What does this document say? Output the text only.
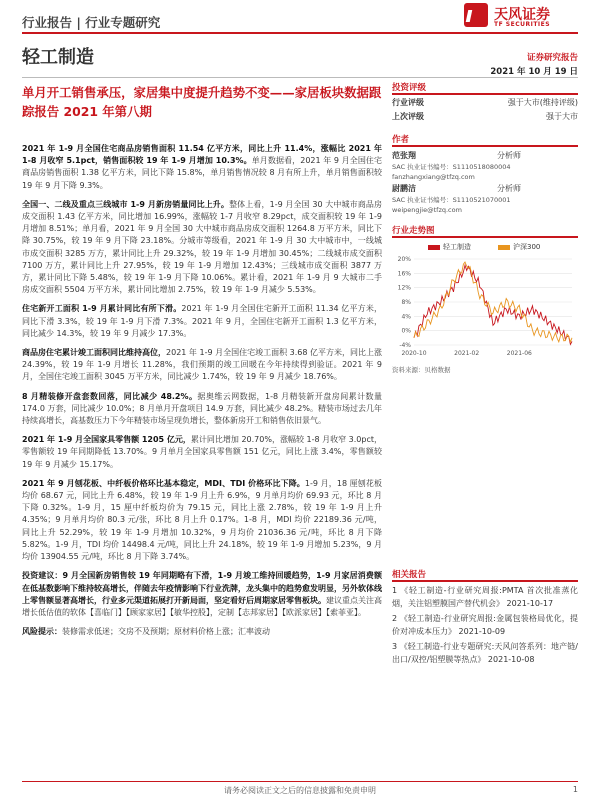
行业报告 | 行业专题研究	天风证券
TF SECURITIES
轻工制造	证券研究报告
2021 年 10 月 19 日
单月开工销售承压，家居集中度提升趋势不变——家居板块数据跟踪报告 2021 年第八期

2021 年 1-9 月全国住宅商品房销售面积 11.54 亿平方米，同比上升 11.4%，涨幅比 2021 年 1-8 月收窄 5.1pct，销售面积较 19 年 1-9 月增加 10.3%。单月数据看，2021 年 9 月全国住宅商品房销售面积 1.38 亿平方米，同比下降 15.8%，单月销售情况较 8 月有所上升，单月销售面积较 19 年 9 月下降 9.3%。

全国一、二线及重点三线城市 1-9 月新房销量同比上升。整体上看，1-9 月全国 30 大中城市商品房成交面积 1.43 亿平方米，同比增加 16.99%，涨幅较 1-7 月收窄 8.29pct，成交面积较 19 年 1-9 月增加 8.51%；单月看，2021 年 9 月全国 30 大中城市商品房成交面积 1264.8 万平方米，同比下降 30.75%，较 19 年 9 月下降 23.18%。分城市等级看，2021 年 1-9 月 30 大中城市中，一线城市成交面积 3285 万方，累计同比上升 29.32%，较 19 年 1-9 月增加 30.45%；二线城市成交面积 7100 万方，累计同比上升 27.95%，较 19 年 1-9 月增加 12.43%；三线城市成交面积 3877 万方，累计同比下降 5.48%，较 19 年 1-9 月下降 10.06%。累计看，2021 年 1-9 月 9 大城市二手房成交面积 5504 万平方米，累计同比增加 2.75%，较 19 年 1-9 月减少 5.53%。

住宅新开工面积 1-9 月累计同比有所下滑。2021 年 1-9 月全国住宅新开工面积 11.34 亿平方米，同比下滑 3.3%，较 19 年 1-9 月下滑 7.3%。2021 年 9 月，全国住宅新开工面积 1.3 亿平方米，同比减少 14.3%，较 19 年 9 月减少 17.3%。

商品房住宅累计竣工面积同比维持高位，2021 年 1-9 月全国住宅竣工面积 3.68 亿平方米，同比上涨 24.39%，较 19 年 1-9 月增长 11.28%，我们预期的竣工回暖在今年持续得到验证。2021 年 9 月，全国住宅竣工面积 3045 万平方米，同比减少 1.74%，较 19 年 9 月减少 18.76%。

8 月精装修开盘套数回落，同比减少 48.2%。据奥维云网数据，1-8 月精装新开盘房间累计数量 174.0 万套，同比减少 10.0%；8 月单月开盘项目 14.9 万套，同比减少 48.2%。精装市场过去几年持续高增长，高基数压力下今年精装市场呈现负增长，整体新房开工和销售依旧景气。

2021 年 1-9 月全国家具零售额 1205 亿元，累计同比增加 20.70%，涨幅较 1-8 月收窄 3.0pct，零售额较 19 年同期降低 13.70%。9 月单月全国家具零售额 151 亿元，同比上涨 3.4%，零售额较 19 年 9 月减少 15.17%。

2021 年 9 月刨花板、中纤板价格环比基本稳定，MDI、TDI 价格环比下降。1-9 月，18 厘刨花板均价 68.67 元，同比上升 6.48%，较 19 年 1-9 月上升 6.9%，9 月单月均价 69.93 元，环比 8 月下降 0.32%。1-9 月，15 厘中纤板均价为 79.15 元，同比上涨 2.78%，较 19 年 1-9 月上升 4.35%；9 月单月均价 80.3 元/张，环比 8 月上升 0.17%。1-8 月，MDI 均价 22189.36 元/吨，同比上升 52.29%，较 19 年 1-9 月增加 10.32%，9 月均价 21036.36 元/吨，环比 8 月下降 5.82%。1-9 月，TDI 均价 14498.4 元/吨，同比上升 24.18%，较 19 年 1-9 月增加 5.23%，9 月均价 13904.55 元/吨，环比 8 月下降 3.74%。

投资建议：9 月全国新房销售较 19 年同期略有下滑，1-9 月竣工维持回暖趋势，1-9 月家居消费额在低基数影响下维持较高增长，伴随去年疫情影响下行业洗牌，龙头集中的趋势愈发明显，另外软体线上零售额显著高增长，行业多元渠道拓展打开新局面，坚定看好后周期家居零售板块。建议重点关注高增长低估值的软体【喜临门】【顾家家居】【敏华控股】，定制【志邦家居】【欧派家居】【索菲亚】。

风险提示：装修需求低迷；交房不及预期；原材料价格上涨；汇率波动

投资评级
行业评级	强于大市(维持评级)
上次评级	强于大市
作者
范张翔	分析师
SAC 执业证书编号：S1110518080004
fanzhangxiang@tfzq.com
尉鹏洁	分析师
SAC 执业证书编号：S1110521070001
weipengjie@tfzq.com
行业走势图
轻工制造	沪深300
20%
16%
12%
8%
4%
0%
-4%
2020-10	2021-02	2021-06
资料来源：贝格数据
相关报告
1 《轻工制造-行业研究周报:PMTA 首次批准蒸化烟，关注铝塑膜国产替代机会》 2021-10-17
2 《轻工制造-行业研究周报:金属包装格局优化，提价对冲成本压力》 2021-10-09
3 《轻工制造-行业专题研究:天风问答系列：地产链/出口/双控/铝塑膜等热点》 2021-10-08
请务必阅读正文之后的信息披露和免责申明	1
